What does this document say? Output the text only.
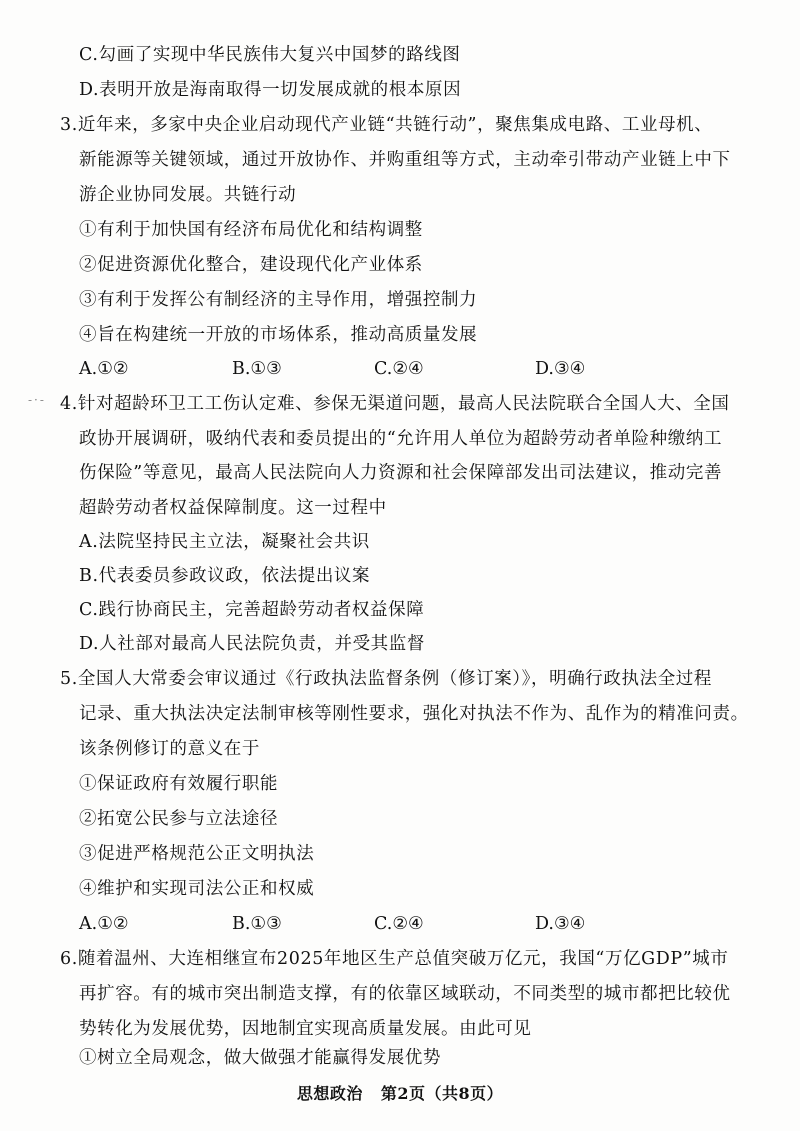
C.勾画了实现中华民族伟大复兴中国梦的路线图
D.表明开放是海南取得一切发展成就的根本原因
3.近年来，多家中央企业启动现代产业链“共链行动”，聚焦集成电路、工业母机、
新能源等关键领域，通过开放协作、并购重组等方式，主动牵引带动产业链上中下
游企业协同发展。共链行动
①有利于加快国有经济布局优化和结构调整
②促进资源优化整合，建设现代化产业体系
③有利于发挥公有制经济的主导作用，增强控制力
④旨在构建统一开放的市场体系，推动高质量发展
A.①②	B.①③	C.②④	D.③④
-·- 4.针对超龄环卫工工伤认定难、参保无渠道问题，最高人民法院联合全国人大、全国
政协开展调研，吸纳代表和委员提出的“允许用人单位为超龄劳动者单险种缴纳工
伤保险”等意见，最高人民法院向人力资源和社会保障部发出司法建议，推动完善
超龄劳动者权益保障制度。这一过程中
A.法院坚持民主立法，凝聚社会共识
B.代表委员参政议政，依法提出议案
C.践行协商民主，完善超龄劳动者权益保障
D.人社部对最高人民法院负责，并受其监督
5.全国人大常委会审议通过《行政执法监督条例（修订案）》，明确行政执法全过程
记录、重大执法决定法制审核等刚性要求，强化对执法不作为、乱作为的精准问责。
该条例修订的意义在于
①保证政府有效履行职能
②拓宽公民参与立法途径
③促进严格规范公正文明执法
④维护和实现司法公正和权威
A.①②	B.①③	C.②④	D.③④
6.随着温州、大连相继宣布2025年地区生产总值突破万亿元，我国“万亿GDP”城市
再扩容。有的城市突出制造支撑，有的依靠区域联动，不同类型的城市都把比较优
势转化为发展优势，因地制宜实现高质量发展。由此可见
①树立全局观念，做大做强才能赢得发展优势
思想政治 第2页（共8页）
